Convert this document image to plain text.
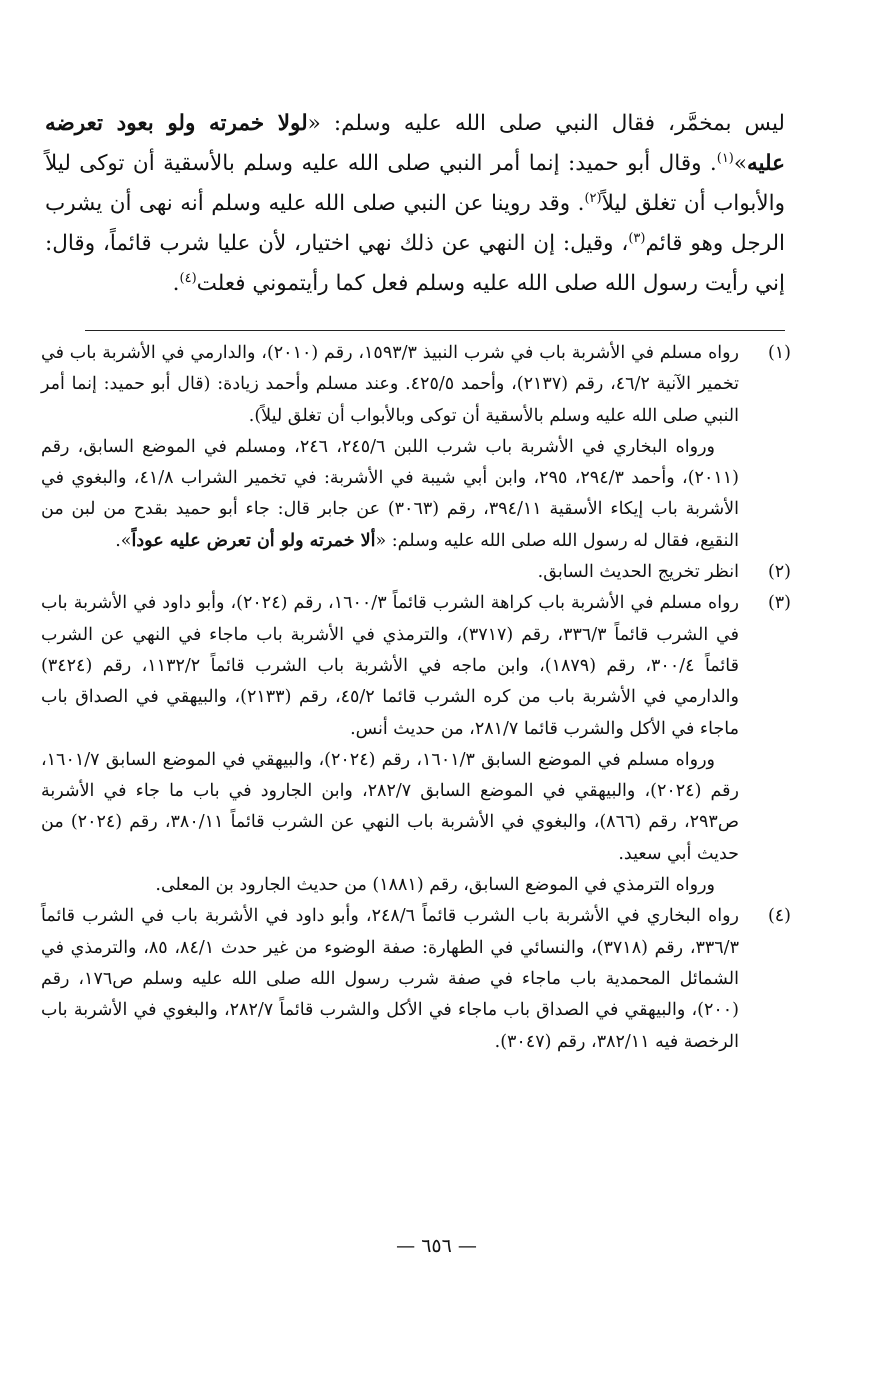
ليس بمخمَّر، فقال النبي صلى الله عليه وسلم: «لولا خمرته ولو بعود تعرضه عليه»$^{(١)}$. وقال أبو حميد: إنما أمر النبي صلى الله عليه وسلم بالأسقية أن توكى ليلاً والأبواب أن تغلق ليلاً$^{(٢)}$. وقد روينا عن النبي صلى الله عليه وسلم أنه نهى أن يشرب الرجل وهو قائم$^{(٣)}$، وقيل: إن النهي عن ذلك نهي اختيار، لأن عليا شرب قائماً، وقال: إني رأيت رسول الله صلى الله عليه وسلم فعل كما رأيتموني فعلت$^{(٤)}$.

(١)

رواه مسلم في الأشربة باب في شرب النبيذ ١٥٩٣/٣، رقم (٢٠١٠)، والدارمي في الأشربة باب في تخمير الآنية ٤٦/٢، رقم (٢١٣٧)، وأحمد ٤٢٥/٥. وعند مسلم وأحمد زيادة: (قال أبو حميد: إنما أمر النبي صلى الله عليه وسلم بالأسقية أن توكى وبالأبواب أن تغلق ليلاً).

ورواه البخاري في الأشربة باب شرب اللبن ٢٤٥/٦، ٢٤٦، ومسلم في الموضع السابق، رقم (٢٠١١)، وأحمد ٢٩٤/٣، ٢٩٥، وابن أبي شيبة في الأشربة: في تخمير الشراب ٤١/٨، والبغوي في الأشربة باب إيكاء الأسقية ٣٩٤/١١، رقم (٣٠٦٣) عن جابر قال: جاء أبو حميد بقدح من لبن من النقيع، فقال له رسول الله صلى الله عليه وسلم: «ألا خمرته ولو أن تعرض عليه عوداً».

(٢)

انظر تخريج الحديث السابق.

(٣)

رواه مسلم في الأشربة باب كراهة الشرب قائماً ١٦٠٠/٣، رقم (٢٠٢٤)، وأبو داود في الأشربة باب في الشرب قائماً ٣٣٦/٣، رقم (٣٧١٧)، والترمذي في الأشربة باب ماجاء في النهي عن الشرب قائماً ٣٠٠/٤، رقم (١٨٧٩)، وابن ماجه في الأشربة باب الشرب قائماً ١١٣٢/٢، رقم (٣٤٢٤) والدارمي في الأشربة باب من كره الشرب قائما ٤٥/٢، رقم (٢١٣٣)، والبيهقي في الصداق باب ماجاء في الأكل والشرب قائما ٢٨١/٧، من حديث أنس.

ورواه مسلم في الموضع السابق ١٦٠١/٣، رقم (٢٠٢٤)، والبيهقي في الموضع السابق ١٦٠١/٧، رقم (٢٠٢٤)، والبيهقي في الموضع السابق ٢٨٢/٧، وابن الجارود في باب ما جاء في الأشربة ص٢٩٣، رقم (٨٦٦)، والبغوي في الأشربة باب النهي عن الشرب قائماً ٣٨٠/١١، رقم (٢٠٢٤) من حديث أبي سعيد.

ورواه الترمذي في الموضع السابق، رقم (١٨٨١) من حديث الجارود بن المعلى.

(٤)

رواه البخاري في الأشربة باب الشرب قائماً ٢٤٨/٦، وأبو داود في الأشربة باب في الشرب قائماً ٣٣٦/٣، رقم (٣٧١٨)، والنسائي في الطهارة: صفة الوضوء من غير حدث ٨٤/١، ٨٥، والترمذي في الشمائل المحمدية باب ماجاء في صفة شرب رسول الله صلى الله عليه وسلم ص١٧٦، رقم (٢٠٠)، والبيهقي في الصداق باب ماجاء في الأكل والشرب قائماً ٢٨٢/٧، والبغوي في الأشربة باب الرخصة فيه ٣٨٢/١١، رقم (٣٠٤٧).

— ٦٥٦ —
